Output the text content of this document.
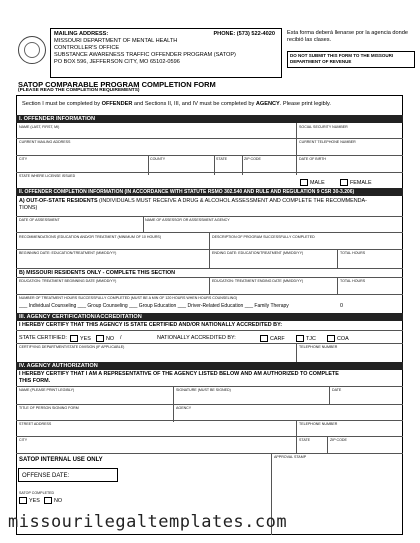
MAILING ADDRESS:	PHONE: (573) 522-4020
MISSOURI DEPARTMENT OF MENTAL HEALTH
CONTROLLER'S OFFICE
SUBSTANCE AWARENESS TRAFFIC OFFENDER PROGRAM (SATOP)
PO BOX 596, JEFFERSON CITY, MO 65102-0596
Esta forma deberá llenarse por la agencia donde recibió las clases.
DO NOT SUBMIT THIS FORM TO THE MISSOURI DEPARTMENT OF REVENUE
SATOP COMPARABLE PROGRAM COMPLETION FORM
(PLEASE READ THE COMPLETION REQUIREMENTS)
Section I must be completed by OFFENDER and Sections II, III, and IV must be completed by AGENCY. Please print legibly.
I. OFFENDER INFORMATION
NAME (LAST, FIRST, MI)	SOCIAL SECURITY NUMBER
CURRENT MAILING ADDRESS	CURRENT TELEPHONE NUMBER
CITY	COUNTY	STATE	ZIP CODE	DATE OF BIRTH
STATE WHERE LICENSE ISSUED
MALE	FEMALE
II. OFFENDER COMPLETION INFORMATION (IN ACCORDANCE WITH STATUTE RSMO 302.540 AND RULE AND REGULATION 9 CSR 30-3.206)
A) OUT-OF-STATE RESIDENTS (INDIVIDUALS MUST RECEIVE A DRUG & ALCOHOL ASSESSMENT AND COMPLETE THE RECOMMENDA-
TIONS)
DATE OF ASSESSMENT	NAME OF ASSESSOR OR ASSESSMENT AGENCY
RECOMMENDATIONS (EDUCATION AND/OR TREATMENT (MINIMUM OF 10 HOURS)	DESCRIPTION OF PROGRAM SUCCESSFULLY COMPLETED
BEGINNING DATE: EDUCATION/TREATMENT (MM/DD/YY)	ENDING DATE: EDUCATION/TREATMENT (MM/DD/YY)	TOTAL HOURS
B) MISSOURI RESIDENTS ONLY - COMPLETE THIS SECTION
EDUCATION: TREATMENT BEGINNING DATE (MM/DD/YY)	EDUCATION: TREATMENT ENDING DATE (MM/DD/YY)	TOTAL HOURS
NUMBER OF TREATMENT HOURS SUCCESSFULLY COMPLETED (MUST BE A MIN OF 120 HOURS WHEN HOURS COUNSELING)
___ Individual Counseling ___ Group Counseling ___ Group Education ___ Driver-Related Education ___ Family Therapy	0
III. AGENCY CERTIFICATION/ACCREDITATION
I HEREBY CERTIFY THAT THIS AGENCY IS STATE CERTIFIED AND/OR NATIONALLY ACCREDITED BY:
STATE CERTIFIED:	YES	NO /	NATIONALLY ACCREDITED BY:	CARF	TJC	COA
CERTIFYING DEPARTMENT/STATE DIVISION (IF APPLICABLE)	TELEPHONE NUMBER
IV. AGENCY AUTHORIZATION
I HEREBY CERTIFY THAT I AM A REPRESENTATIVE OF THE AGENCY LISTED BELOW AND AM AUTHORIZED TO COMPLETE
THIS FORM.
NAME (PLEASE PRINT LEGIBLY)	SIGNATURE (MUST BE SIGNED)	DATE
TITLE OF PERSON SIGNING FORM	AGENCY
STREET ADDRESS	TELEPHONE NUMBER
CITY	STATE	ZIP CODE
APPROVAL STAMP
SATOP INTERNAL USE ONLY
OFFENSE DATE:
SATOP COMPLETED
YES	NO
missourilegaltemplates.com
